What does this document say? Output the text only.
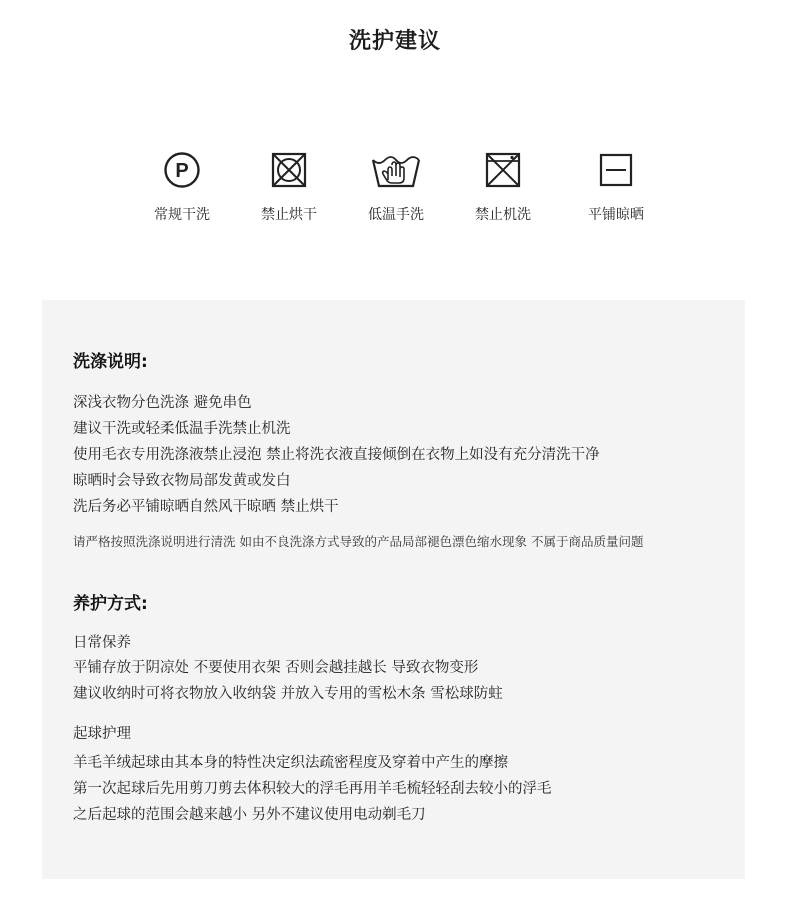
洗护建议
P
常规干洗	禁止烘干	低温手洗	禁止机洗	平铺晾晒
洗涤说明:
深浅衣物分色洗涤 避免串色
建议干洗或轻柔低温手洗禁止机洗
使用毛衣专用洗涤液禁止浸泡 禁止将洗衣液直接倾倒在衣物上如没有充分清洗干净
晾晒时会导致衣物局部发黄或发白
洗后务必平铺晾晒自然风干晾晒 禁止烘干
请严格按照洗涤说明进行清洗 如由不良洗涤方式导致的产品局部褪色漂色缩水现象 不属于商品质量问题
养护方式:
日常保养
平铺存放于阴凉处 不要使用衣架 否则会越挂越长 导致衣物变形
建议收纳时可将衣物放入收纳袋 并放入专用的雪松木条 雪松球防蛀
起球护理
羊毛羊绒起球由其本身的特性决定织法疏密程度及穿着中产生的摩擦
第一次起球后先用剪刀剪去体积较大的浮毛再用羊毛梳轻轻刮去较小的浮毛
之后起球的范围会越来越小 另外不建议使用电动剃毛刀
